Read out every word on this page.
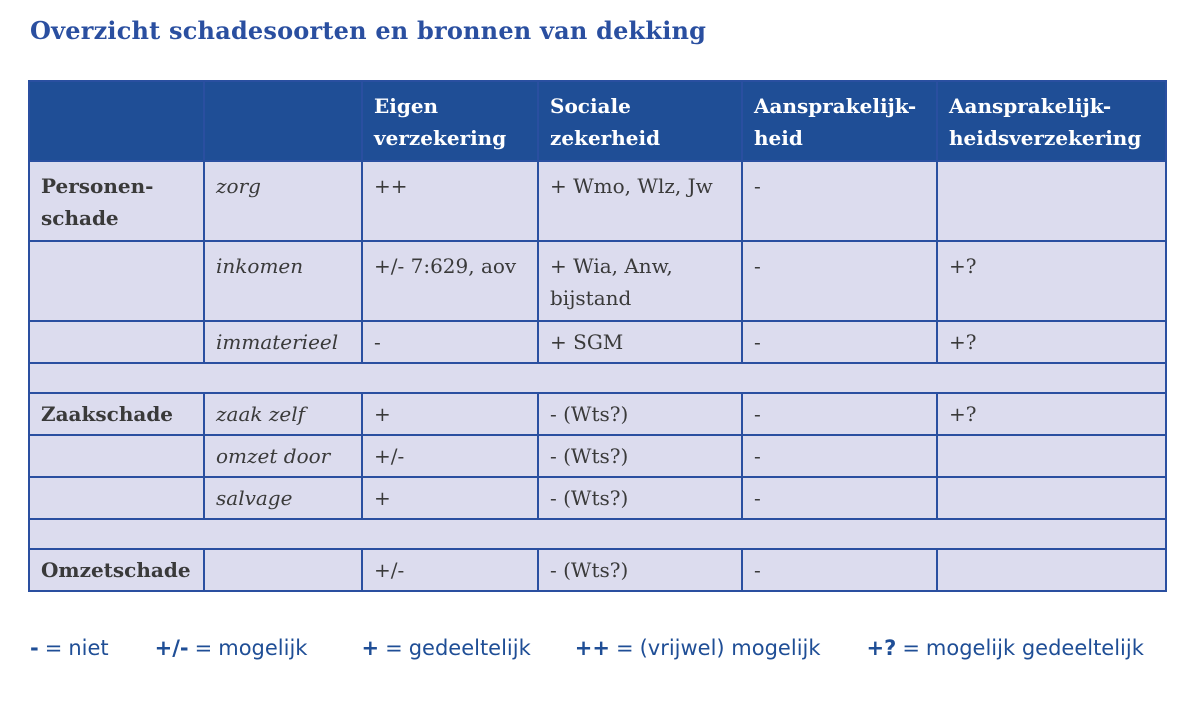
Overzicht schadesoorten en bronnen van dekking
		Eigen verzekering	Sociale zekerheid	Aansprakelijk- heid	Aansprakelijk- heidsverzekering
Personen- schade	zorg	++	+ Wmo, Wlz, Jw	-	
	inkomen	+/- 7:629, aov	+ Wia, Anw, bijstand	-	+?
	immaterieel	-	+ SGM	-	+?

Zaakschade	zaak zelf	+	- (Wts?)	-	+?
	omzet door	+/-	- (Wts?)	-	
	salvage	+	- (Wts?)	-	

Omzetschade		+/-	- (Wts?)	-	
- = niet +/- = mogelijk	+ = gedeeltelijk ++ = (vrijwel) mogelijk +? = mogelijk gedeeltelijk
